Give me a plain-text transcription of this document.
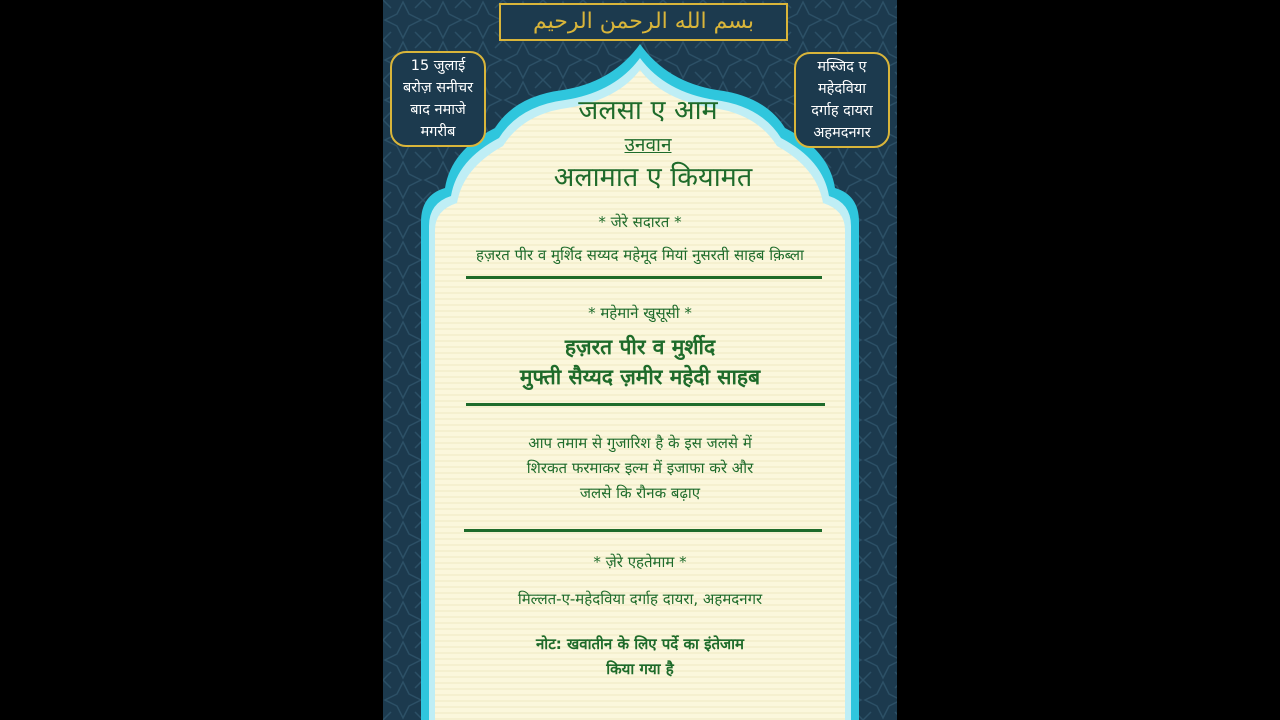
بسم الله الرحمن الرحيم
15 जुलाई
बरोज़ सनीचर
बाद नमाजे
मगरीब
मस्जिद ए
महेदविया
दर्गाह दायरा
अहमदनगर
जलसा ए आम
उनवान
अलामात ए कियामत
* जेरे सदारत *
हज़रत पीर व मुर्शिद सय्यद महेमूद मियां नुसरती साहब क़िब्ला
* महेमाने खुसूसी *
हज़रत पीर व मुर्शीद
मुफ्ती सैय्यद ज़मीर महेदी साहब
आप तमाम से गुजारिश है के इस जलसे में
शिरकत फरमाकर इल्म में इजाफा करे और
जलसे कि रौनक बढ़ाए
* ज़ेरे एहतेमाम *
मिल्लत-ए-महेदविया दर्गाह दायरा, अहमदनगर
नोट: खवातीन के लिए पर्दे का इंतेजाम
किया गया है
